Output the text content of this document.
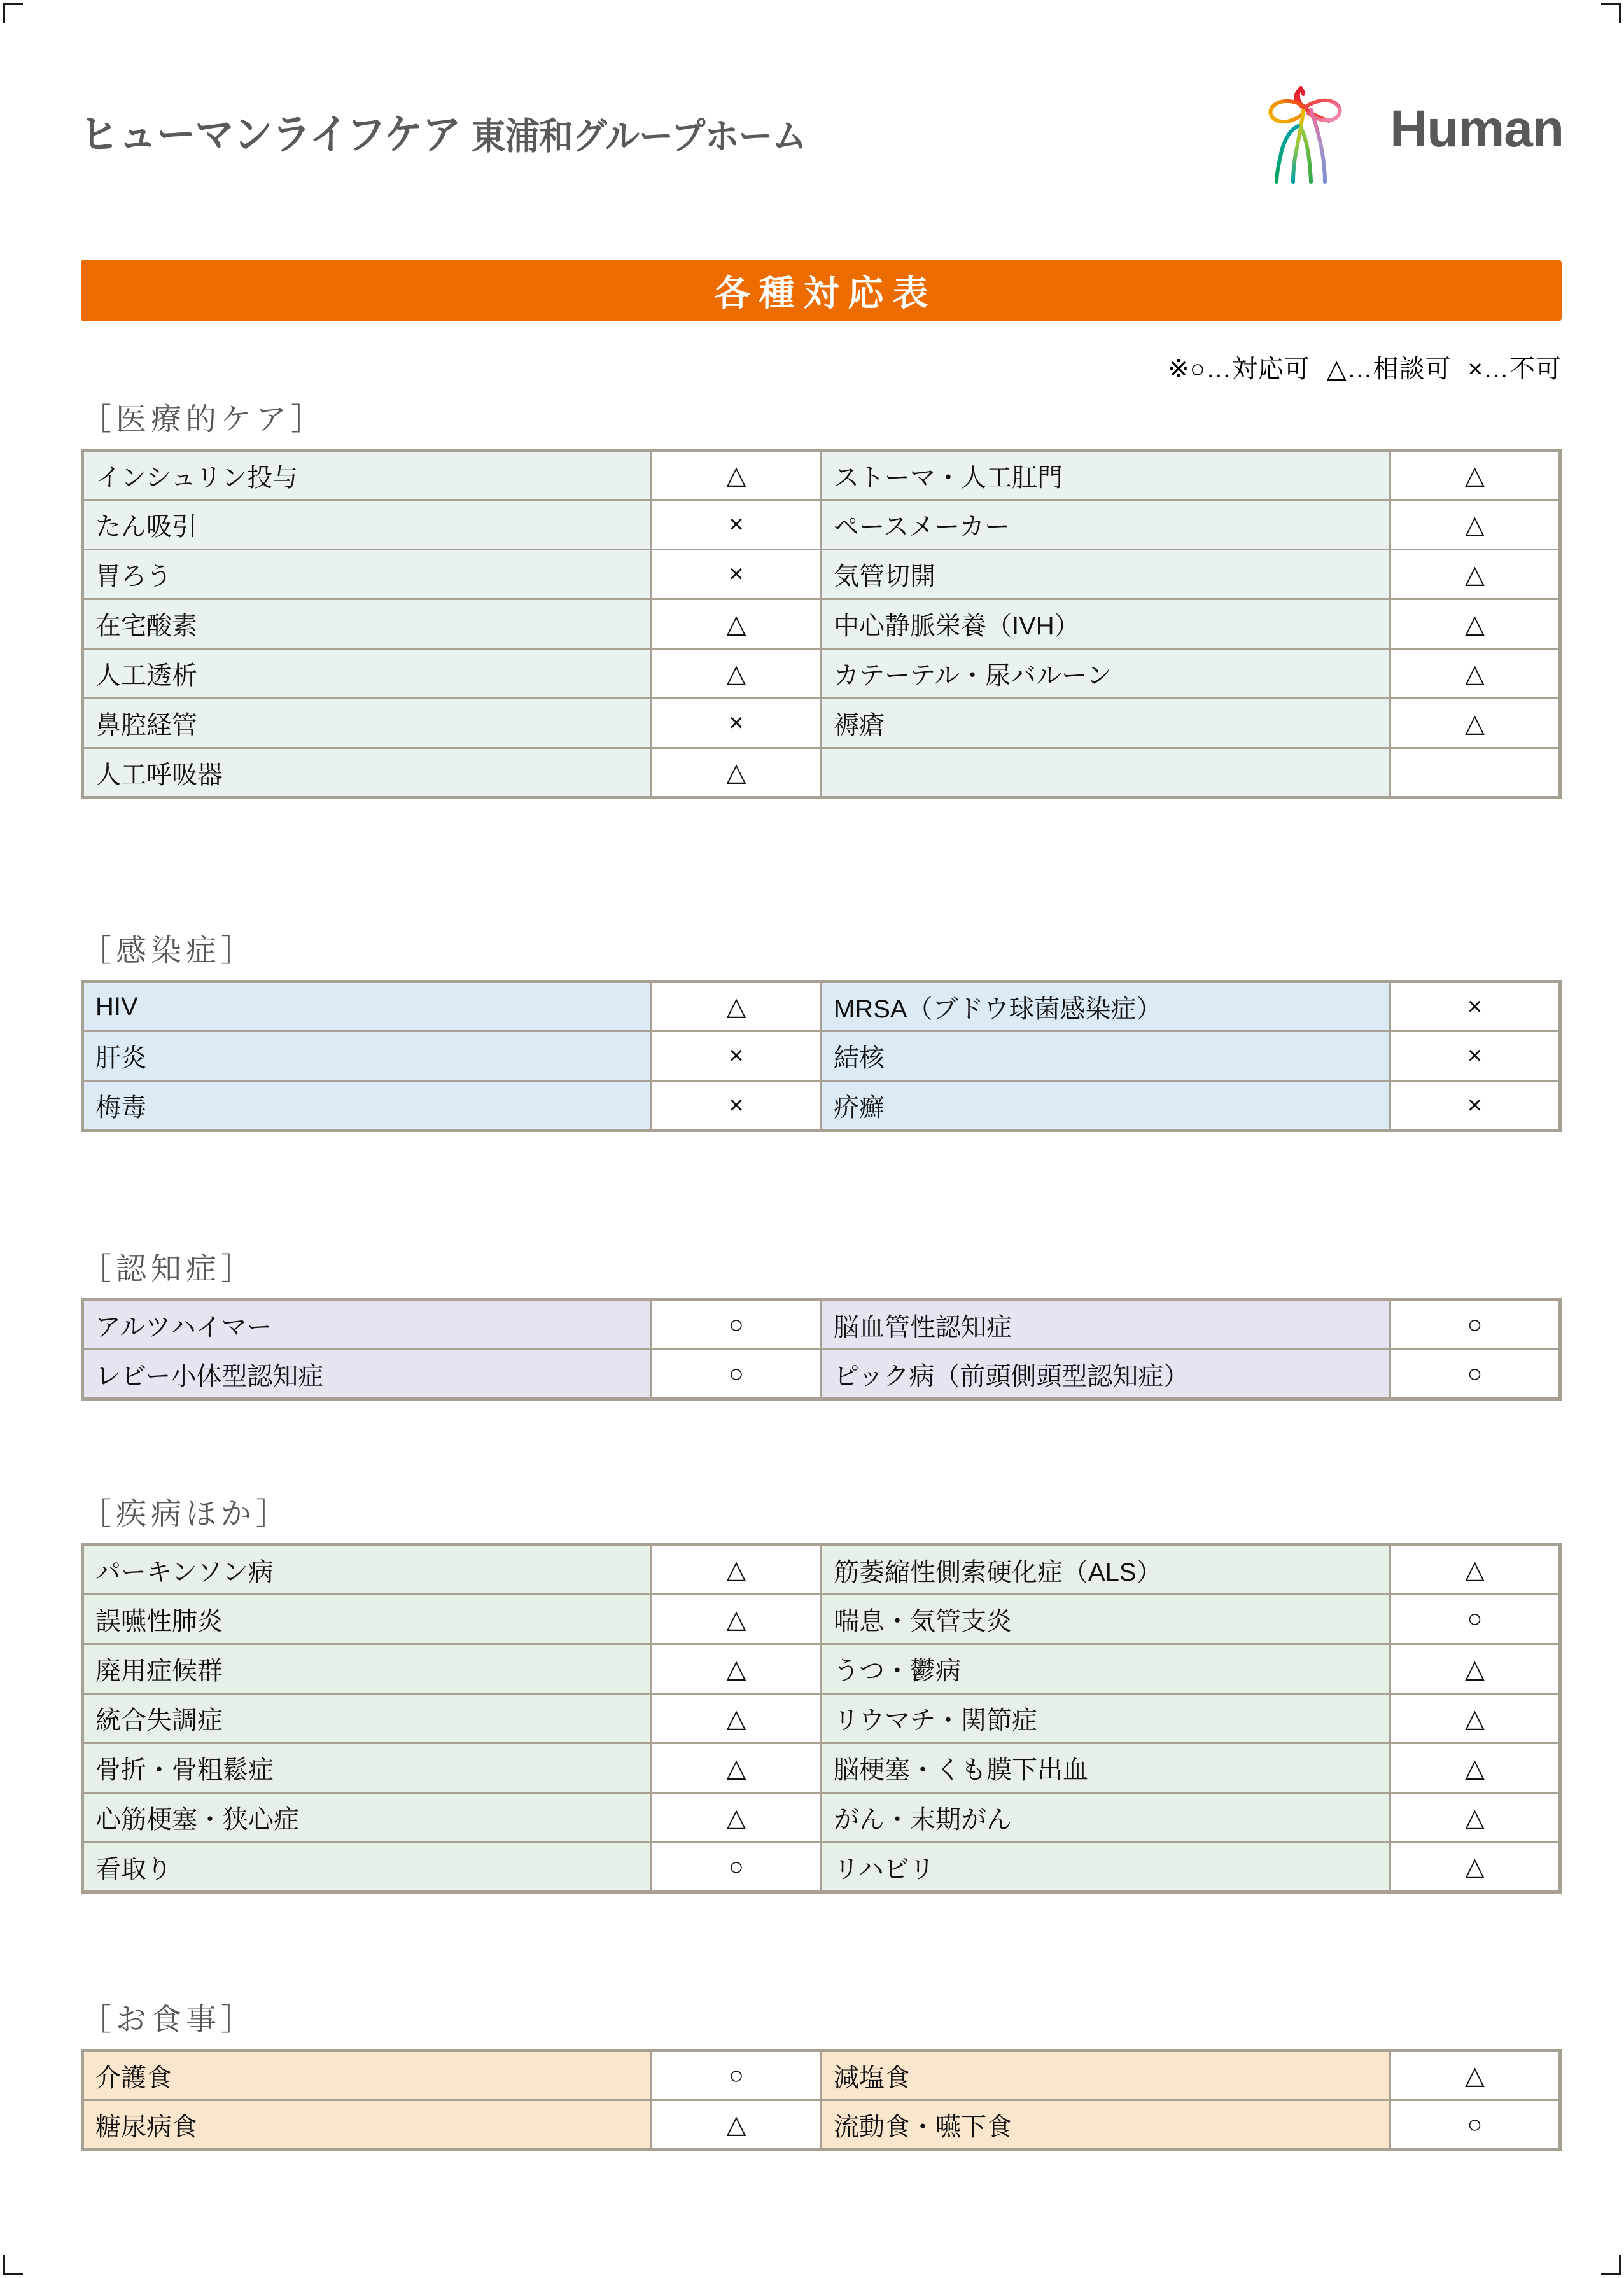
ヒューマンライフケア 東浦和グループホーム	Human
各種対応表
※○…対応可 △…相談可 ×…不可
［医療的ケア］
インシュリン投与	△	ストーマ・人工肛門	△
たん吸引	×	ペースメーカー	△
胃ろう	×	気管切開	△
在宅酸素	△	中心静脈栄養（IVH）	△
人工透析	△	カテーテル・尿バルーン	△
鼻腔経管	×	褥瘡	△
人工呼吸器	△		
［感染症］
HIV	△	MRSA（ブドウ球菌感染症）	×
肝炎	×	結核	×
梅毒	×	疥癬	×
［認知症］
アルツハイマー	○	脳血管性認知症	○
レビー小体型認知症	○	ピック病（前頭側頭型認知症）	○
［疾病ほか］
パーキンソン病	△	筋萎縮性側索硬化症（ALS）	△
誤嚥性肺炎	△	喘息・気管支炎	○
廃用症候群	△	うつ・鬱病	△
統合失調症	△	リウマチ・関節症	△
骨折・骨粗鬆症	△	脳梗塞・くも膜下出血	△
心筋梗塞・狭心症	△	がん・末期がん	△
看取り	○	リハビリ	△
［お食事］
介護食	○	減塩食	△
糖尿病食	△	流動食・嚥下食	○
